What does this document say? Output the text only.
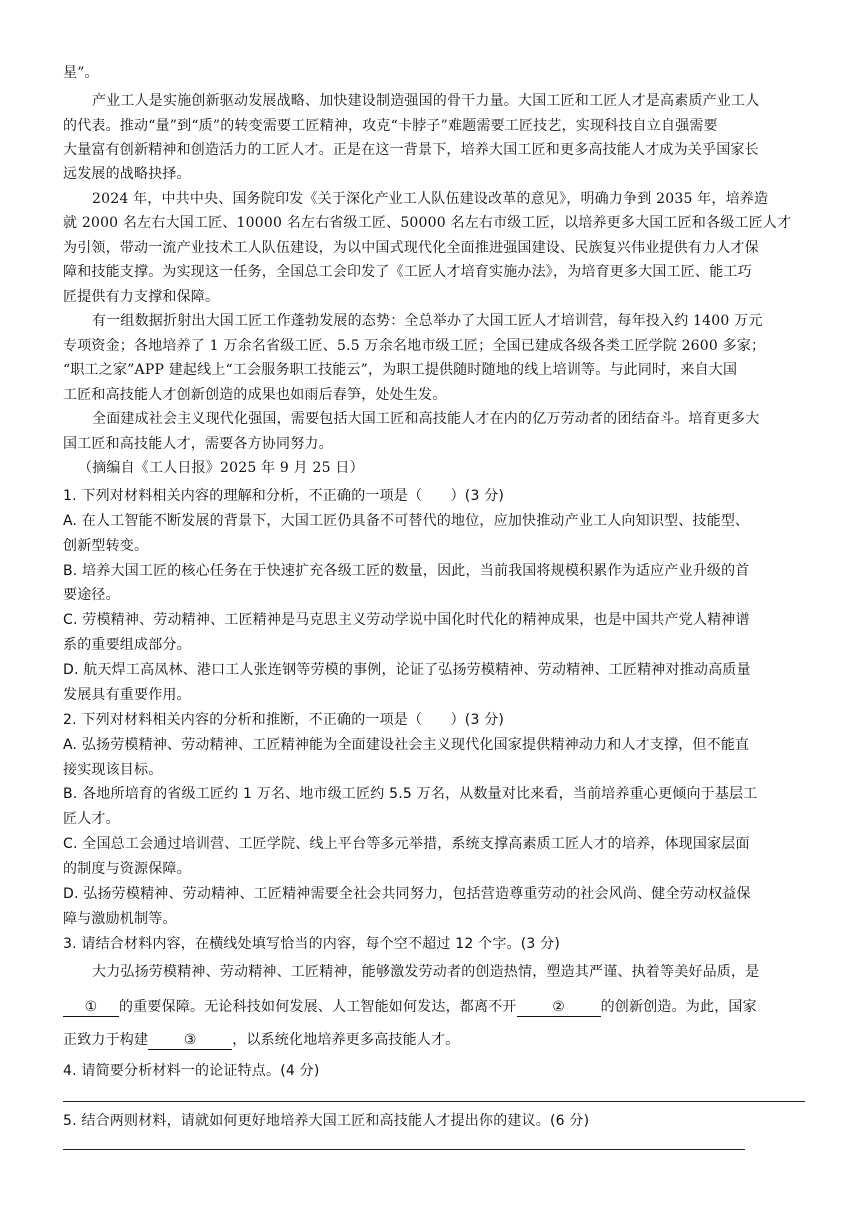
星”。
产业工人是实施创新驱动发展战略、加快建设制造强国的骨干力量。大国工匠和工匠人才是高素质产业工人
的代表。推动“量”到“质”的转变需要工匠精神，攻克“卡脖子”难题需要工匠技艺，实现科技自立自强需要
大量富有创新精神和创造活力的工匠人才。正是在这一背景下，培养大国工匠和更多高技能人才成为关乎国家长
远发展的战略抉择。
2024 年，中共中央、国务院印发《关于深化产业工人队伍建设改革的意见》，明确力争到 2035 年，培养造
就 2000 名左右大国工匠、10000 名左右省级工匠、50000 名左右市级工匠，以培养更多大国工匠和各级工匠人才
为引领，带动一流产业技术工人队伍建设，为以中国式现代化全面推进强国建设、民族复兴伟业提供有力人才保
障和技能支撑。为实现这一任务，全国总工会印发了《工匠人才培育实施办法》，为培育更多大国工匠、能工巧
匠提供有力支撑和保障。
有一组数据折射出大国工匠工作蓬勃发展的态势：全总举办了大国工匠人才培训营，每年投入约 1400 万元
专项资金；各地培养了 1 万余名省级工匠、5.5 万余名地市级工匠；全国已建成各级各类工匠学院 2600 多家；
“职工之家”APP 建起线上“工会服务职工技能云”，为职工提供随时随地的线上培训等。与此同时，来自大国
工匠和高技能人才创新创造的成果也如雨后春笋，处处生发。
全面建成社会主义现代化强国，需要包括大国工匠和高技能人才在内的亿万劳动者的团结奋斗。培育更多大
国工匠和高技能人才，需要各方协同努力。
（摘编自《工人日报》2025 年 9 月 25 日）
1. 下列对材料相关内容的理解和分析，不正确的一项是（　　）(3 分)
A. 在人工智能不断发展的背景下，大国工匠仍具备不可替代的地位，应加快推动产业工人向知识型、技能型、
创新型转变。
B. 培养大国工匠的核心任务在于快速扩充各级工匠的数量，因此，当前我国将规模积累作为适应产业升级的首
要途径。
C. 劳模精神、劳动精神、工匠精神是马克思主义劳动学说中国化时代化的精神成果，也是中国共产党人精神谱
系的重要组成部分。
D. 航天焊工高凤林、港口工人张连钢等劳模的事例，论证了弘扬劳模精神、劳动精神、工匠精神对推动高质量
发展具有重要作用。
2. 下列对材料相关内容的分析和推断，不正确的一项是（　　）(3 分)
A. 弘扬劳模精神、劳动精神、工匠精神能为全面建设社会主义现代化国家提供精神动力和人才支撑，但不能直
接实现该目标。
B. 各地所培育的省级工匠约 1 万名、地市级工匠约 5.5 万名，从数量对比来看，当前培养重心更倾向于基层工
匠人才。
C. 全国总工会通过培训营、工匠学院、线上平台等多元举措，系统支撑高素质工匠人才的培养，体现国家层面
的制度与资源保障。
D. 弘扬劳模精神、劳动精神、工匠精神需要全社会共同努力，包括营造尊重劳动的社会风尚、健全劳动权益保
障与激励机制等。
3. 请结合材料内容，在横线处填写恰当的内容，每个空不超过 12 个字。(3 分)
大力弘扬劳模精神、劳动精神、工匠精神，能够激发劳动者的创造热情，塑造其严谨、执着等美好品质，是
① 的重要保障。无论科技如何发展、人工智能如何发达，都离不开	②	的创新创造。为此，国家
正致力于构建	③	，以系统化地培养更多高技能人才。
4. 请简要分析材料一的论证特点。(4 分)
5. 结合两则材料，请就如何更好地培养大国工匠和高技能人才提出你的建议。(6 分)
